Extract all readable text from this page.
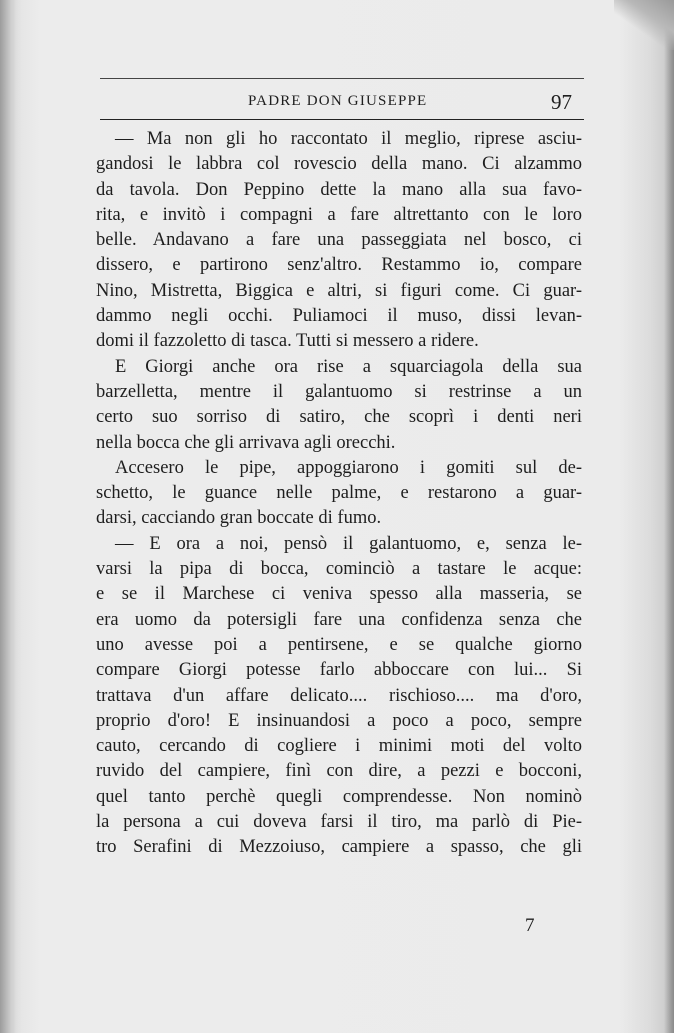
PADRE DON GIUSEPPE	97
— Ma non gli ho raccontato il meglio, riprese asciu-
gandosi le labbra col rovescio della mano. Ci alzammo
da tavola. Don Peppino dette la mano alla sua favo-
rita, e invitò i compagni a fare altrettanto con le loro
belle. Andavano a fare una passeggiata nel bosco, ci
dissero, e partirono senz'altro. Restammo io, compare
Nino, Mistretta, Biggica e altri, si figuri come. Ci guar-
dammo negli occhi. Puliamoci il muso, dissi levan-
domi il fazzoletto di tasca. Tutti si messero a ridere.
E Giorgi anche ora rise a squarciagola della sua
barzelletta, mentre il galantuomo si restrinse a un
certo suo sorriso di satiro, che scoprì i denti neri
nella bocca che gli arrivava agli orecchi.
Accesero le pipe, appoggiarono i gomiti sul de-
schetto, le guance nelle palme, e restarono a guar-
darsi, cacciando gran boccate di fumo.
— E ora a noi, pensò il galantuomo, e, senza le-
varsi la pipa di bocca, cominciò a tastare le acque:
e se il Marchese ci veniva spesso alla masseria, se
era uomo da potersigli fare una confidenza senza che
uno avesse poi a pentirsene, e se qualche giorno
compare Giorgi potesse farlo abboccare con lui... Si
trattava d'un affare delicato.... rischioso.... ma d'oro,
proprio d'oro! E insinuandosi a poco a poco, sempre
cauto, cercando di cogliere i minimi moti del volto
ruvido del campiere, finì con dire, a pezzi e bocconi,
quel tanto perchè quegli comprendesse. Non nominò
la persona a cui doveva farsi il tiro, ma parlò di Pie-
tro Serafini di Mezzoiuso, campiere a spasso, che gli
7
